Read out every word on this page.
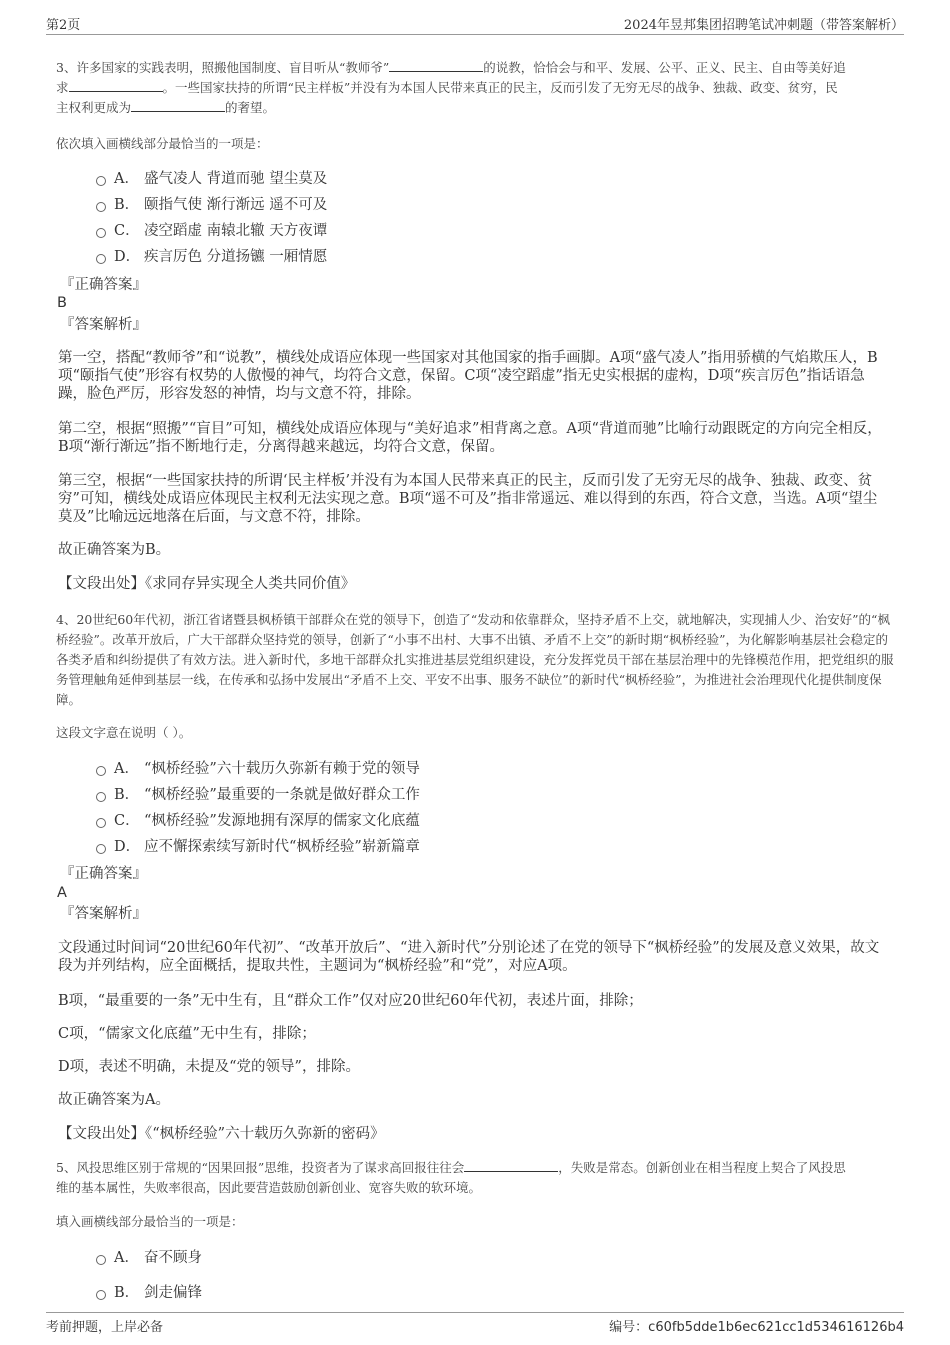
第2页	2024年昱邦集团招聘笔试冲刺题（带答案解析）

3、许多国家的实践表明，照搬他国制度、盲目听从“教师爷”	的说教，恰恰会与和平、发展、公平、正义、民主、自由等美好追
求	。一些国家扶持的所谓“民主样板”并没有为本国人民带来真正的民主，反而引发了无穷无尽的战争、独裁、政变、贫穷，民
主权利更成为	的奢望。

依次填入画横线部分最恰当的一项是：

A． 盛气凌人 背道而驰 望尘莫及
B． 颐指气使 渐行渐远 遥不可及
C． 凌空蹈虚 南辕北辙 天方夜谭
D． 疾言厉色 分道扬镳 一厢情愿
『正确答案』
B
『答案解析』

第一空，搭配“教师爷”和“说教”，横线处成语应体现一些国家对其他国家的指手画脚。A项“盛气凌人”指用骄横的气焰欺压人，B项“颐指气使”形容有权势的人傲慢的神气，均符合文意，保留。C项“凌空蹈虚”指无史实根据的虚构，D项“疾言厉色”指话语急躁，脸色严厉，形容发怒的神情，均与文意不符，排除。

第二空，根据“照搬”“盲目”可知，横线处成语应体现与“美好追求”相背离之意。A项“背道而驰”比喻行动跟既定的方向完全相反，B项“渐行渐远”指不断地行走，分离得越来越远，均符合文意，保留。

第三空，根据“一些国家扶持的所谓‘民主样板’并没有为本国人民带来真正的民主，反而引发了无穷无尽的战争、独裁、政变、贫穷”可知，横线处成语应体现民主权利无法实现之意。B项“遥不可及”指非常遥远、难以得到的东西，符合文意，当选。A项“望尘莫及”比喻远远地落在后面，与文意不符，排除。

故正确答案为B。

【文段出处】《求同存异实现全人类共同价值》

4、20世纪60年代初，浙江省诸暨县枫桥镇干部群众在党的领导下，创造了“发动和依靠群众，坚持矛盾不上交，就地解决，实现捕人少、治安好”的“枫桥经验”。改革开放后，广大干部群众坚持党的领导，创新了“小事不出村、大事不出镇、矛盾不上交”的新时期“枫桥经验”，为化解影响基层社会稳定的各类矛盾和纠纷提供了有效方法。进入新时代，多地干部群众扎实推进基层党组织建设，充分发挥党员干部在基层治理中的先锋模范作用，把党组织的服务管理触角延伸到基层一线，在传承和弘扬中发展出“矛盾不上交、平安不出事、服务不缺位”的新时代“枫桥经验”，为推进社会治理现代化提供制度保障。

这段文字意在说明（ ）。

A． “枫桥经验”六十载历久弥新有赖于党的领导
B． “枫桥经验”最重要的一条就是做好群众工作
C． “枫桥经验”发源地拥有深厚的儒家文化底蕴
D． 应不懈探索续写新时代“枫桥经验”崭新篇章
『正确答案』
A
『答案解析』

文段通过时间词“20世纪60年代初”、“改革开放后”、“进入新时代”分别论述了在党的领导下“枫桥经验”的发展及意义效果，故文段为并列结构，应全面概括，提取共性，主题词为“枫桥经验”和“党”，对应A项。

B项，“最重要的一条”无中生有，且“群众工作”仅对应20世纪60年代初，表述片面，排除；

C项，“儒家文化底蕴”无中生有，排除；

D项，表述不明确，未提及“党的领导”，排除。

故正确答案为A。

【文段出处】《“枫桥经验”六十载历久弥新的密码》

5、风投思维区别于常规的“因果回报”思维，投资者为了谋求高回报往往会	，失败是常态。创新创业在相当程度上契合了风投思
维的基本属性，失败率很高，因此要营造鼓励创新创业、宽容失败的软环境。

填入画横线部分最恰当的一项是：

A． 奋不顾身
B． 剑走偏锋
考前押题，上岸必备	编号：c60fb5dde1b6ec621cc1d534616126b4
